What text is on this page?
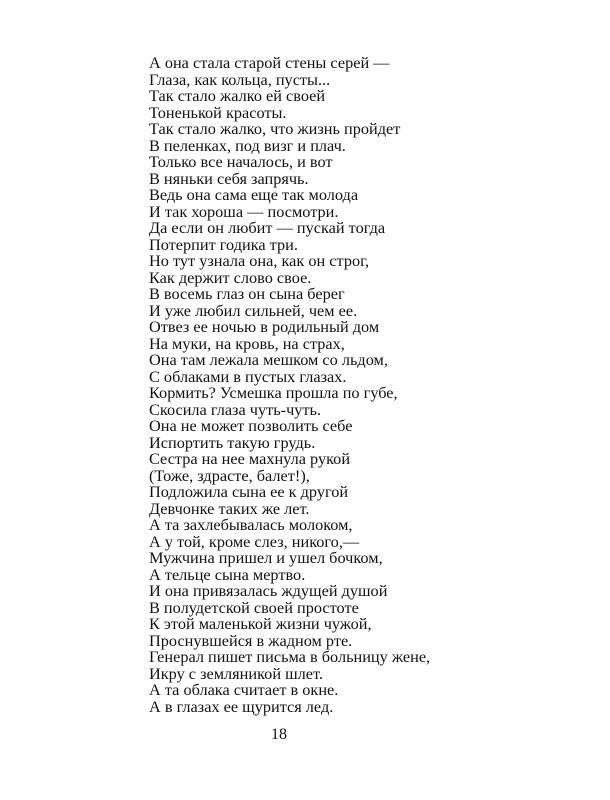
А она стала старой стены серей —
Глаза, как кольца, пусты...
Так стало жалко ей своей
Тоненькой красоты.
Так стало жалко, что жизнь пройдет
В пеленках, под визг и плач.
Только все началось, и вот
В няньки себя запрячь.
Ведь она сама еще так молода
И так хороша — посмотри.
Да если он любит — пускай тогда
Потерпит годика три.
Но тут узнала она, как он строг,
Как держит слово свое.
В восемь глаз он сына берег
И уже любил сильней, чем ее.
Отвез ее ночью в родильный дом
На муки, на кровь, на страх,
Она там лежала мешком со льдом,
С облаками в пустых глазах.
Кормить? Усмешка прошла по губе,
Скосила глаза чуть-чуть.
Она не может позволить себе
Испортить такую грудь.
Сестра на нее махнула рукой
(Тоже, здрасте, балет!),
Подложила сына ее к другой
Девчонке таких же лет.
А та захлебывалась молоком,
А у той, кроме слез, никого,—
Мужчина пришел и ушел бочком,
А тельце сына мертво.
И она привязалась ждущей душой
В полудетской своей простоте
К этой маленькой жизни чужой,
Проснувшейся в жадном рте.
Генерал пишет письма в больницу жене,
Икру с земляникой шлет.
А та облака считает в окне.
А в глазах ее щурится лед.
18
